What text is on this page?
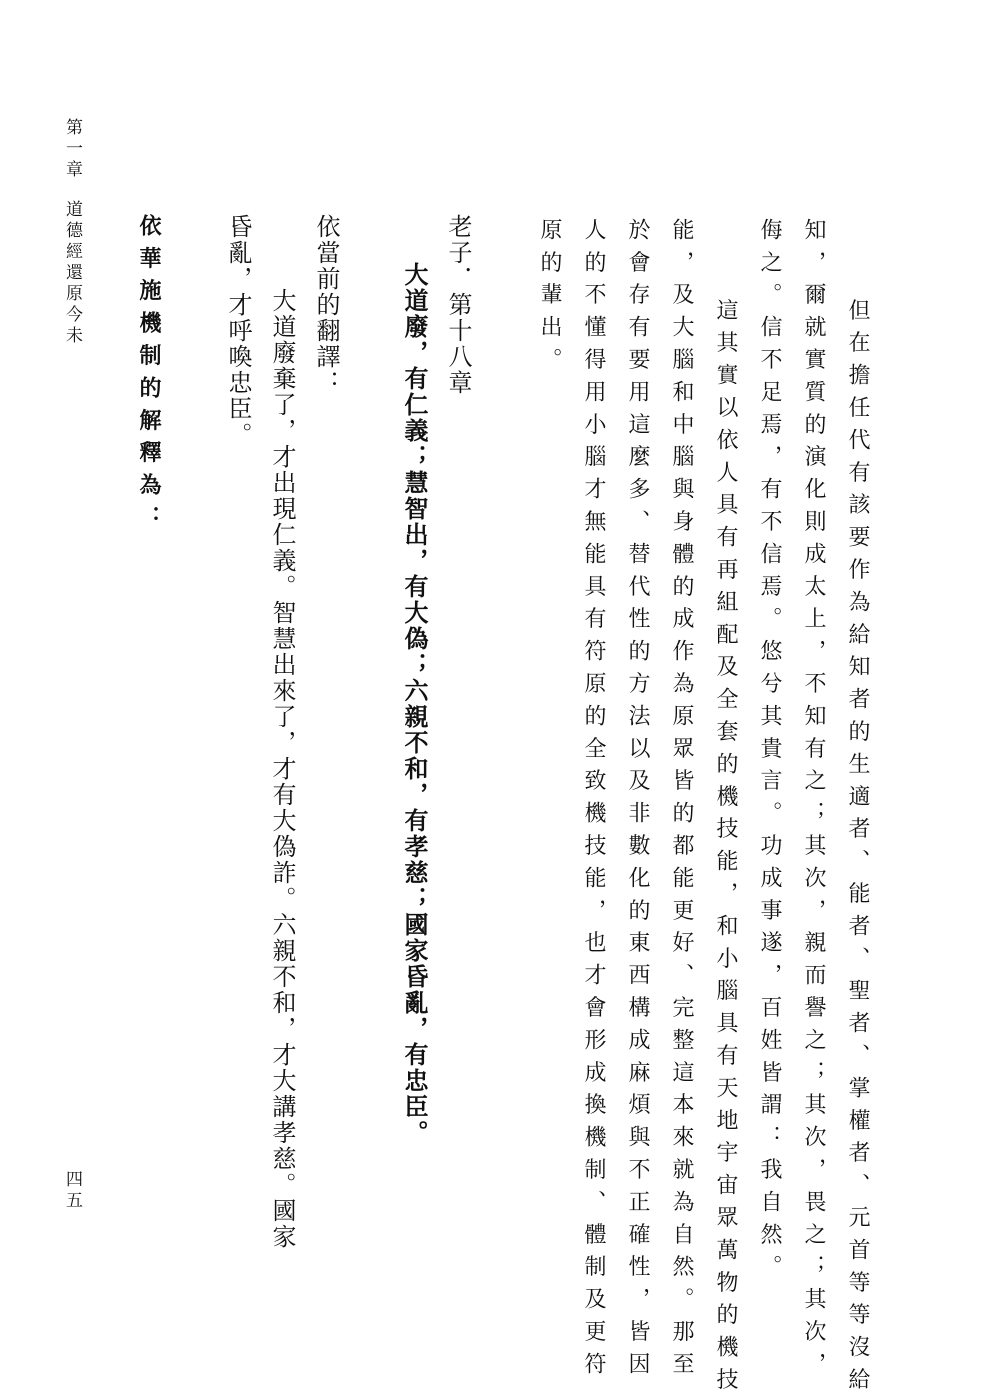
　但在擔任代有該要作為給知者的生適者、能者、聖者、掌權者、元首等等沒給
知，爾就實質的演化則成太上，不知有之；其次，親而譽之；其次，畏之；其次，
侮之。信不足焉，有不信焉。悠兮其貴言。功成事遂，百姓皆謂：我自然。
　這其實以依人具有再組配及全套的機技能，和小腦具有天地宇宙眾萬物的機技
能，及大腦和中腦與身體的成作為原眾皆的都能更好、完整這本來就為自然。那至
於會存有要用這麼多、替代性的方法以及非數化的東西構成麻煩與不正確性，皆因
人的不懂得用小腦才無能具有符原的全致機技能，也才會形成換機制、體制及更符
原的輩出。
老子．第十八章
大道廢，有仁義；慧智出，有大偽；六親不和，有孝慈；國家昏亂，有忠臣。
依當前的翻譯：
　大道廢棄了，才出現仁義。智慧出來了，才有大偽詐。六親不和，才大講孝慈。國家
昏亂，才呼喚忠臣。
依華施機制的解釋為：
第一章
道德經還原今未
四五
